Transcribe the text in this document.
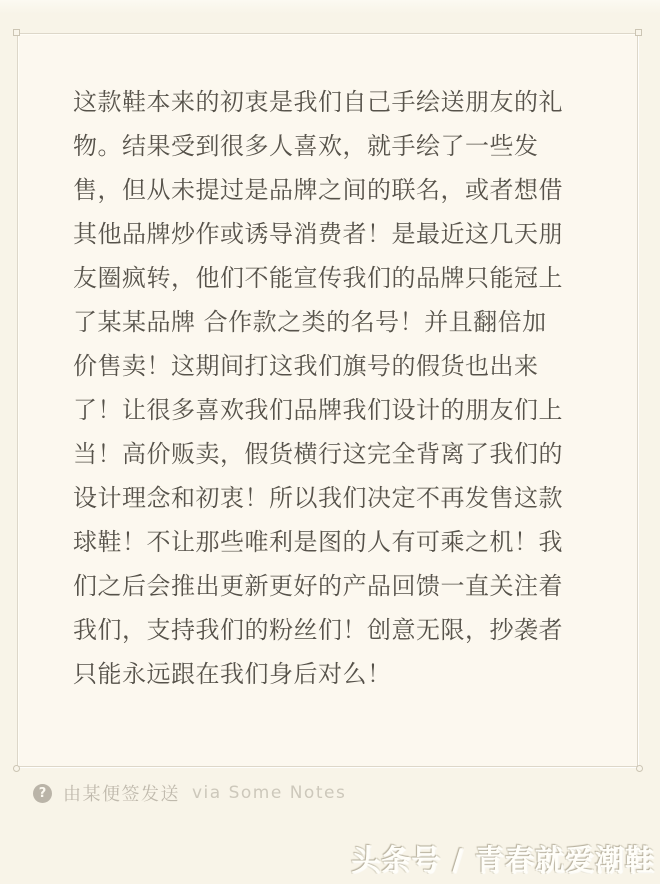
这款鞋本来的初衷是我们自己手绘送朋友的礼
物。结果受到很多人喜欢，就手绘了一些发
售，但从未提过是品牌之间的联名，或者想借
其他品牌炒作或诱导消费者！是最近这几天朋
友圈疯转，他们不能宣传我们的品牌只能冠上
了某某品牌 合作款之类的名号！并且翻倍加
价售卖！这期间打这我们旗号的假货也出来
了！让很多喜欢我们品牌我们设计的朋友们上
当！高价贩卖，假货横行这完全背离了我们的
设计理念和初衷！所以我们决定不再发售这款
球鞋！不让那些唯利是图的人有可乘之机！我
们之后会推出更新更好的产品回馈一直关注着
我们，支持我们的粉丝们！创意无限，抄袭者
只能永远跟在我们身后对么！
? 由某便签发送 via Some Notes
头条号 / 青春就爱潮鞋
